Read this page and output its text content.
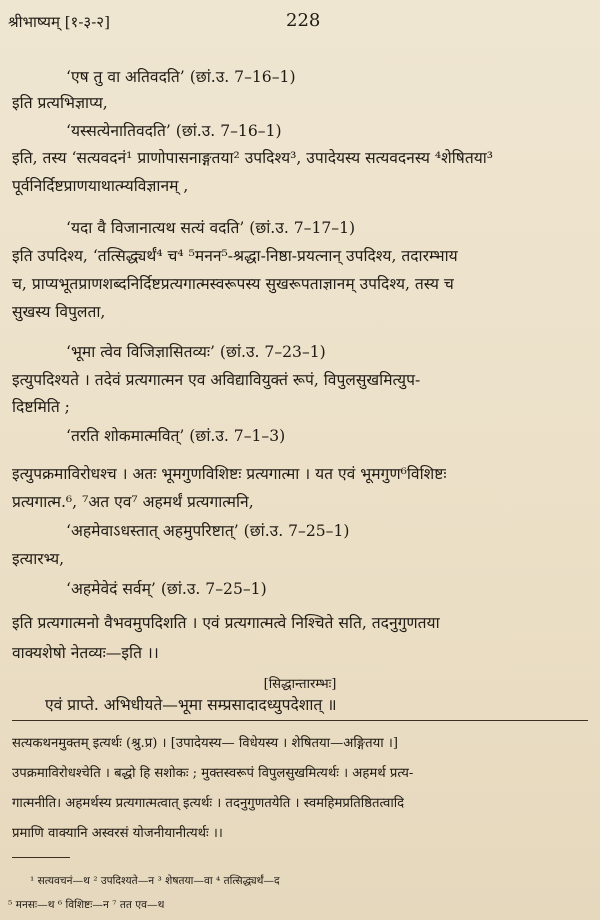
श्रीभाष्यम् [१-३-२]	228
‘एष तु वा अतिवदति’ (छां.उ. 7–16–1)
इति प्रत्यभिज्ञाप्य,
‘यस्सत्येनातिवदति’ (छां.उ. 7–16–1)
इति, तस्य ‘सत्यवदनं¹ प्राणोपासनाङ्गतया² उपदिश्य³, उपादेयस्य सत्यवदनस्य ⁴शेषितया³
पूर्वनिर्दिष्टप्राणयाथात्म्यविज्ञानम् ,
‘यदा वै विजानात्यथ सत्यं वदति’ (छां.उ. 7–17–1)
इति उपदिश्य, ‘तत्सिद्ध्यर्थं⁴ च⁴ ⁵मनन⁵-श्रद्धा-निष्ठा-प्रयत्नान् उपदिश्य, तदारम्भाय
च, प्राप्यभूतप्राणशब्दनिर्दिष्टप्रत्यगात्मस्वरूपस्य सुखरूपताज्ञानम् उपदिश्य, तस्य च
सुखस्य विपुलता,
‘भूमा त्वेव विजिज्ञासितव्यः’ (छां.उ. 7–23–1)
इत्युपदिश्यते । तदेवं प्रत्यगात्मन एव अविद्यावियुक्तं रूपं, विपुलसुखमित्युप-
दिष्टमिति ;
‘तरति शोकमात्मवित्’ (छां.उ. 7–1–3)
इत्युपक्रमाविरोधश्च । अतः भूमगुणविशिष्टः प्रत्यगात्मा । यत एवं भूमगुण⁶विशिष्टः
प्रत्यगात्म.⁶, ⁷अत एव⁷ अहमर्थं प्रत्यगात्मनि,
‘अहमेवाऽधस्तात् अहमुपरिष्टात्’ (छां.उ. 7–25–1)
इत्यारभ्य,
‘अहमेवेदं सर्वम्’ (छां.उ. 7–25–1)
इति प्रत्यगात्मनो वैभवमुपदिशति । एवं प्रत्यगात्मत्वे निश्चिते सति, तदनुगुणतया
वाक्यशेषो नेतव्यः—इति ।।
[सिद्धान्तारम्भः]
एवं प्राप्ते. अभिधीयते—भूमा सम्प्रसादादध्युपदेशात् ॥
सत्यकथनमुक्तम् इत्यर्थः (श्रु.प्र) । [उपादेयस्य— विधेयस्य । शेषितया—अङ्गितया ।]
उपक्रमाविरोधश्चेति । बद्धो हि सशोकः ; मुक्तस्वरूपं विपुलसुखमित्यर्थः । अहमर्थ प्रत्य-
गात्मनीति। अहमर्थस्य प्रत्यगात्मत्वात् इत्यर्थः । तदनुगुणतयेति । स्वमहिमप्रतिष्ठितत्वादि
प्रमाणि वाक्यानि अस्वरसं योजनीयानीत्यर्थः ।।
¹ सत्यवचनं—थ ² उपदिश्यते—न ³ शेषतया—वा ⁴ तत्सिद्ध्यर्थं—द
⁵ मनसः—थ ⁶ विशिष्टः—न ⁷ तत एव—थ
